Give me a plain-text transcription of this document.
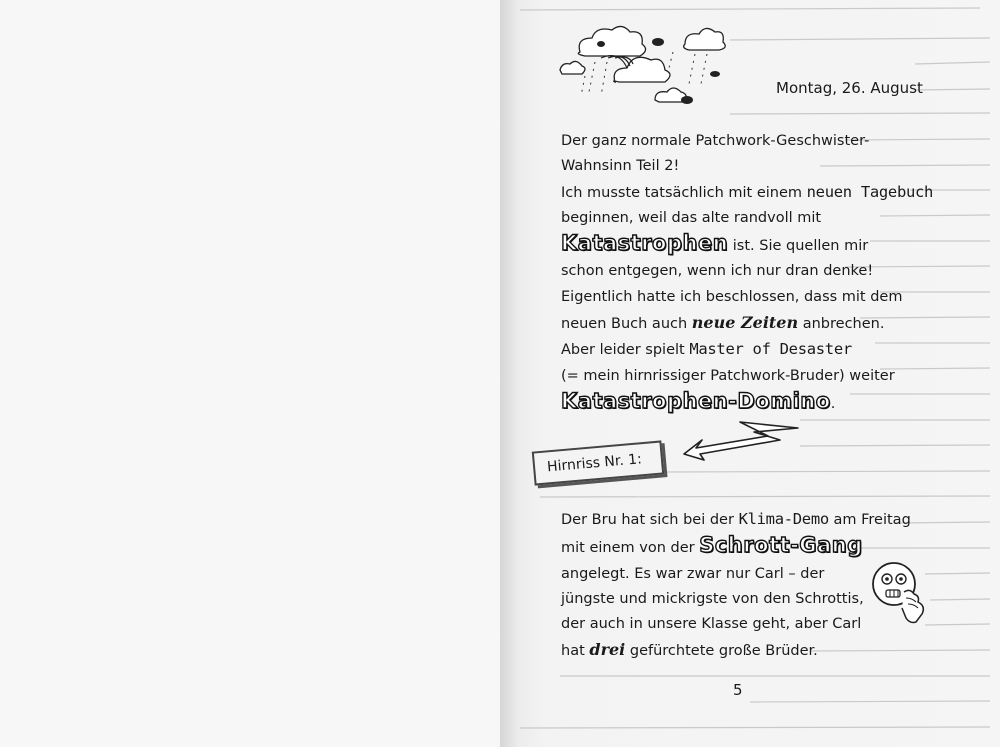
Montag, 26. August
Der ganz normale Patchwork-Geschwister-
Wahnsinn Teil 2!
Ich musste tatsächlich mit einem neuen Tagebuch
beginnen, weil das alte randvoll mit
Katastrophen ist. Sie quellen mir
schon entgegen, wenn ich nur dran denke!
Eigentlich hatte ich beschlossen, dass mit dem
neuen Buch auch neue Zeiten anbrechen.
Aber leider spielt Master of Desaster
(= mein hirnrissiger Patchwork-Bruder) weiter
Katastrophen-Domino.
Hirnriss Nr. 1:
Der Bru hat sich bei der Klima-Demo am Freitag
mit einem von der Schrott-Gang
angelegt. Es war zwar nur Carl – der
jüngste und mickrigste von den Schrottis,
der auch in unsere Klasse geht, aber Carl
hat drei gefürchtete große Brüder.
5
